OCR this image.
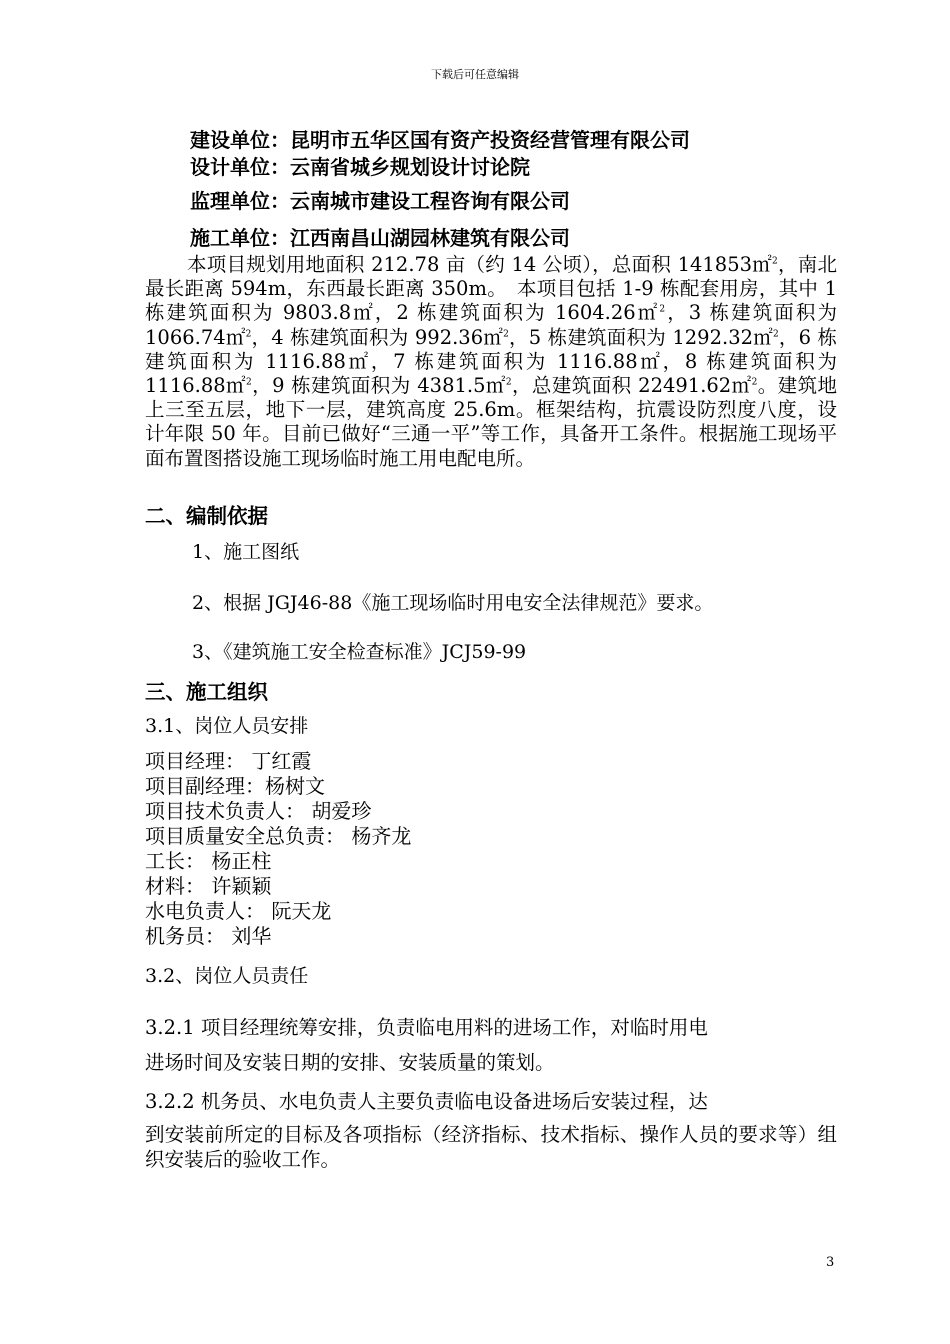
下载后可任意编辑
建设单位：昆明市五华区国有资产投资经营管理有限公司
设计单位：云南省城乡规划设计讨论院
监理单位：云南城市建设工程咨询有限公司
施工单位：江西南昌山湖园林建筑有限公司
本项目规划用地面积 212.78 亩（约 14 公顷），总面积 141853㎡$^2$，南北最长距离 594m，东西最长距离 350m。　本项目包括 1-9 栋配套用房，其中 1 栋建筑面积为 9803.8㎡，2 栋建筑面积为 1604.26㎡$^2$，3 栋建筑面积为 1066.74㎡$^2$，4 栋建筑面积为 992.36㎡$^2$，5 栋建筑面积为 1292.32㎡$^2$，6 栋建筑面积为 1116.88㎡，7 栋建筑面积为 1116.88㎡，8 栋建筑面积为 1116.88㎡$^2$，9 栋建筑面积为 4381.5㎡$^2$，总建筑面积 22491.62㎡$^2$。建筑地上三至五层，地下一层，建筑高度 25.6m。框架结构，抗震设防烈度八度，设计年限 50 年。目前已做好“三通一平”等工作，具备开工条件。根据施工现场平面布置图搭设施工现场临时施工用电配电所。
二、编制依据
1、施工图纸
2、根据 JGJ46-88《施工现场临时用电安全法律规范》要求。
3、《建筑施工安全检查标准》JCJ59-99
三、施工组织
3.1、岗位人员安排
项目经理： 丁红霞
项目副经理：杨树文
项目技术负责人： 胡爱珍
项目质量安全总负责： 杨齐龙
工长： 杨正柱
材料： 许颖颖
水电负责人： 阮天龙
机务员： 刘华
3.2、岗位人员责任
3.2.1 项目经理统筹安排，负责临电用料的进场工作，对临时用电
进场时间及安装日期的安排、安装质量的策划。
3.2.2 机务员、水电负责人主要负责临电设备进场后安装过程，达
到安装前所定的目标及各项指标（经济指标、技术指标、操作人员的要求等）组织安装后的验收工作。
3
